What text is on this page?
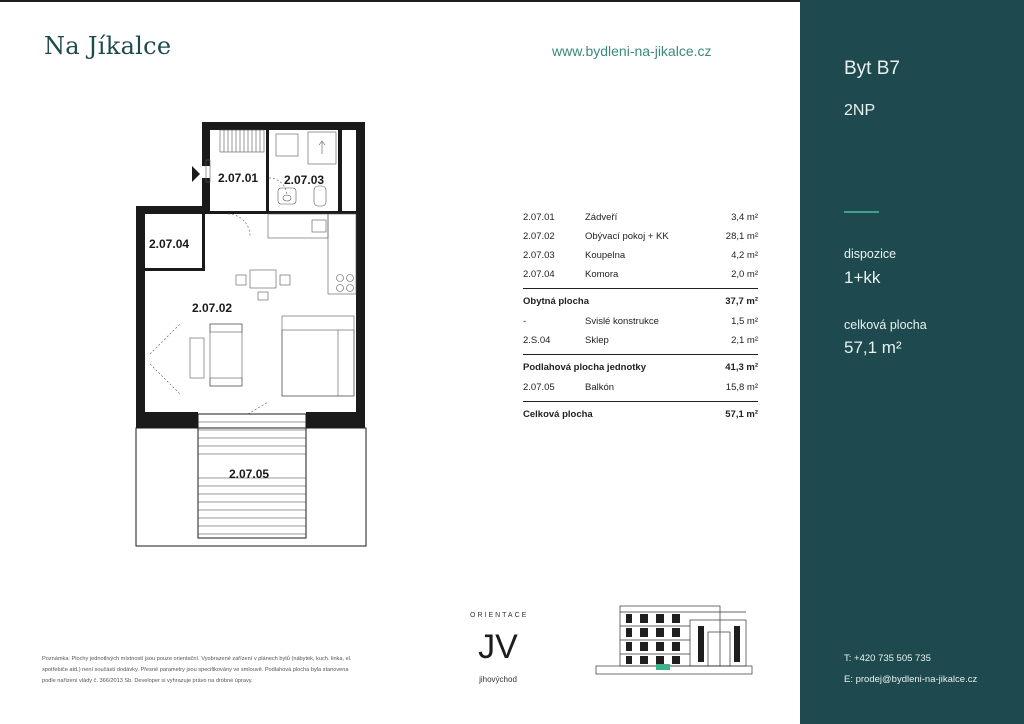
Na Jíkalce	www.bydleni-na-jikalce.cz
2.07.01 2.07.03
2.07.04
2.07.02
2.07.05
2.07.01	Zádveří	3,4 m²
2.07.02	Obývací pokoj + KK	28,1 m²
2.07.03	Koupelna	4,2 m²
2.07.04	Komora	2,0 m²
Obytná plocha	37,7 m²
-	Svislé konstrukce	1,5 m²
2.S.04	Sklep	2,1 m²
Podlahová plocha jednotky	41,3 m²
2.07.05	Balkón	15,8 m²
Celková plocha	57,1 m²
Poznámka: Plochy jednotlivých místností jsou pouze orientační. Vyobrazené zařízení v plánech bytů (nábytek, kuch. linka, el. spotřebiče atd.) není součástí dodávky. Přesné parametry jsou specifikovány ve smlouvě. Podlahová plocha byla stanovena podle nařízení vlády č. 366/2013 Sb. Developer si vyhrazuje právo na drobné úpravy.
ORIENTACE
JV
jihovýchod
Byt B7
2NP
dispozice
1+kk
celková plocha
57,1 m²
T: +420 735 505 735
E: prodej@bydleni-na-jikalce.cz
